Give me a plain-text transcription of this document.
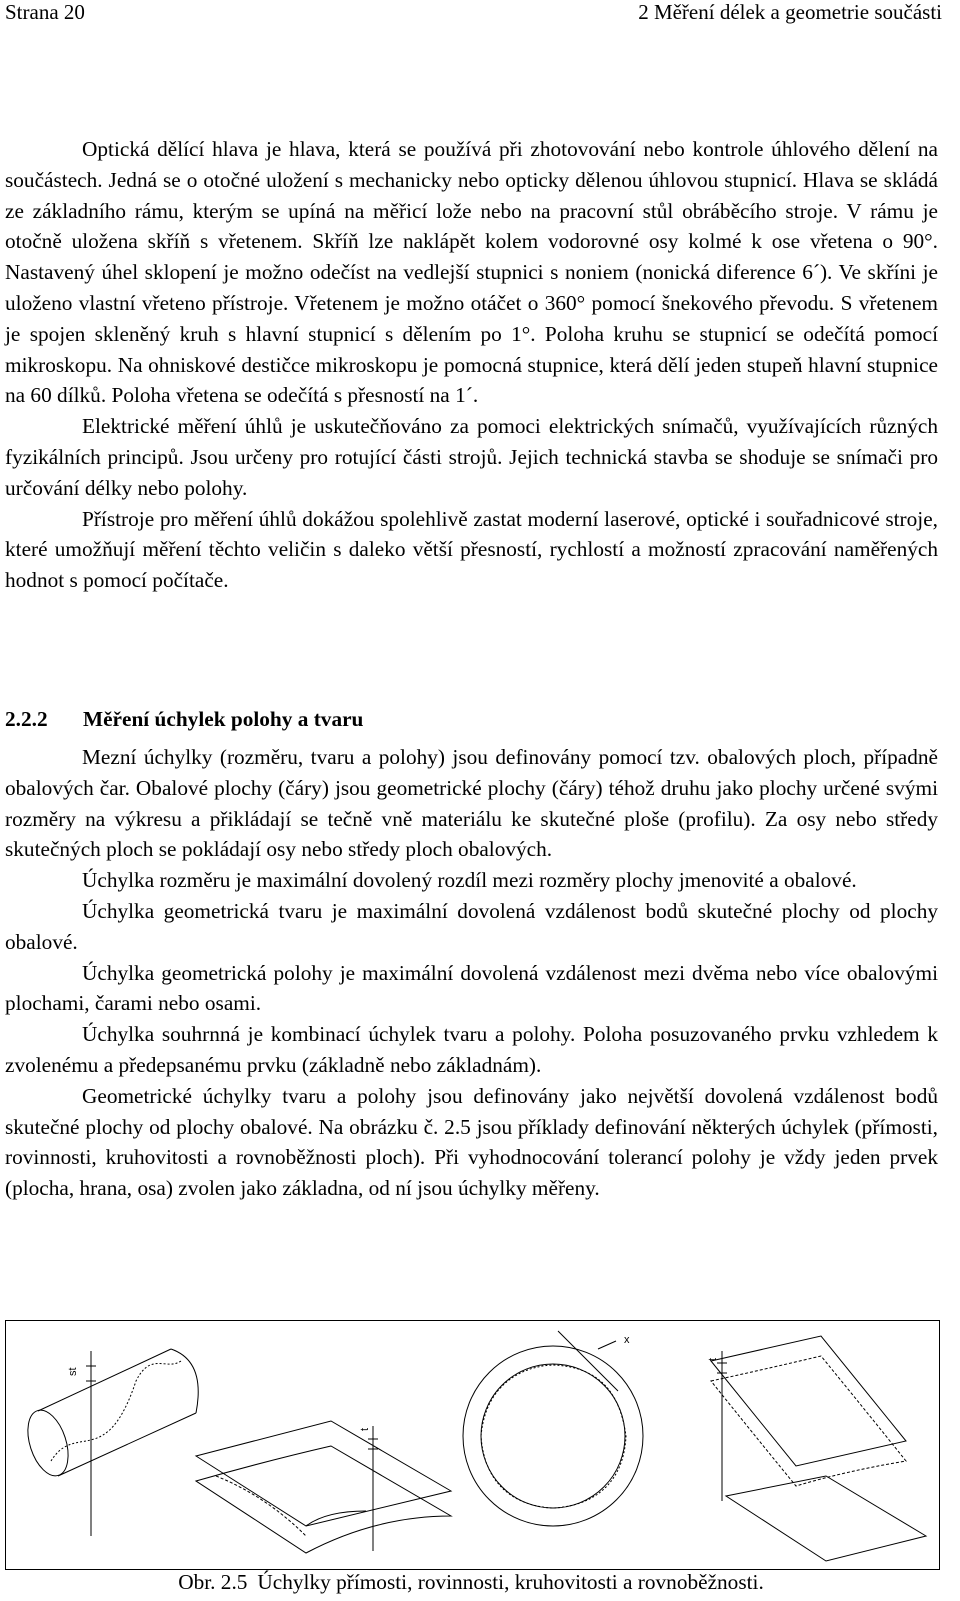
Strana 20	2 Měření délek a geometrie součásti

Optická dělící hlava je hlava, která se používá při zhotovování nebo kontrole úhlového dělení na součástech. Jedná se o otočné uložení s mechanicky nebo opticky dělenou úhlovou stupnicí. Hlava se skládá ze základního rámu, kterým se upíná na měřicí lože nebo na pracovní stůl obráběcího stroje. V rámu je otočně uložena skříň s vřetenem. Skříň lze naklápět kolem vodorovné osy kolmé k ose vřetena o 90°. Nastavený úhel sklopení je možno odečíst na vedlejší stupnici s noniem (nonická diference 6´). Ve skříni je uloženo vlastní vřeteno přístroje. Vřetenem je možno otáčet o 360° pomocí šnekového převodu. S vřetenem je spojen skleněný kruh s hlavní stupnicí s dělením po 1°. Poloha kruhu se stupnicí se odečítá pomocí mikroskopu. Na ohniskové destičce mikroskopu je pomocná stupnice, která dělí jeden stupeň hlavní stupnice na 60 dílků. Poloha vřetena se odečítá s přesností na 1´.

Elektrické měření úhlů je uskutečňováno za pomoci elektrických snímačů, využívajících různých fyzikálních principů. Jsou určeny pro rotující části strojů. Jejich technická stavba se shoduje se snímači pro určování délky nebo polohy.

Přístroje pro měření úhlů dokážou spolehlivě zastat moderní laserové, optické i souřadnicové stroje, které umožňují měření těchto veličin s daleko větší přesností, rychlostí a možností zpracování naměřených hodnot s pomocí počítače.

2.2.2 Měření úchylek polohy a tvaru

Mezní úchylky (rozměru, tvaru a polohy) jsou definovány pomocí tzv. obalových ploch, případně obalových čar. Obalové plochy (čáry) jsou geometrické plochy (čáry) téhož druhu jako plochy určené svými rozměry na výkresu a přikládají se tečně vně materiálu ke skutečné ploše (profilu). Za osy nebo středy skutečných ploch se pokládají osy nebo středy ploch obalových.

Úchylka rozměru je maximální dovolený rozdíl mezi rozměry plochy jmenovité a obalové.

Úchylka geometrická tvaru je maximální dovolená vzdálenost bodů skutečné plochy od plochy obalové.

Úchylka geometrická polohy je maximální dovolená vzdálenost mezi dvěma nebo více obalovými plochami, čarami nebo osami.

Úchylka souhrnná je kombinací úchylek tvaru a polohy. Poloha posuzovaného prvku vzhledem k zvolenému a předepsanému prvku (základně nebo základnám).

Geometrické úchylky tvaru a polohy jsou definovány jako největší dovolená vzdálenost bodů skutečné plochy od plochy obalové. Na obrázku č. 2.5 jsou příklady definování některých úchylek (přímosti, rovinnosti, kruhovitosti a rovnoběžnosti ploch). Při vyhodnocování tolerancí polohy je vždy jeden prvek (plocha, hrana, osa) zvolen jako základna, od ní jsou úchylky měřeny.

st
t
x
t
Obr. 2.5 Úchylky přímosti, rovinnosti, kruhovitosti a rovnoběžnosti.
